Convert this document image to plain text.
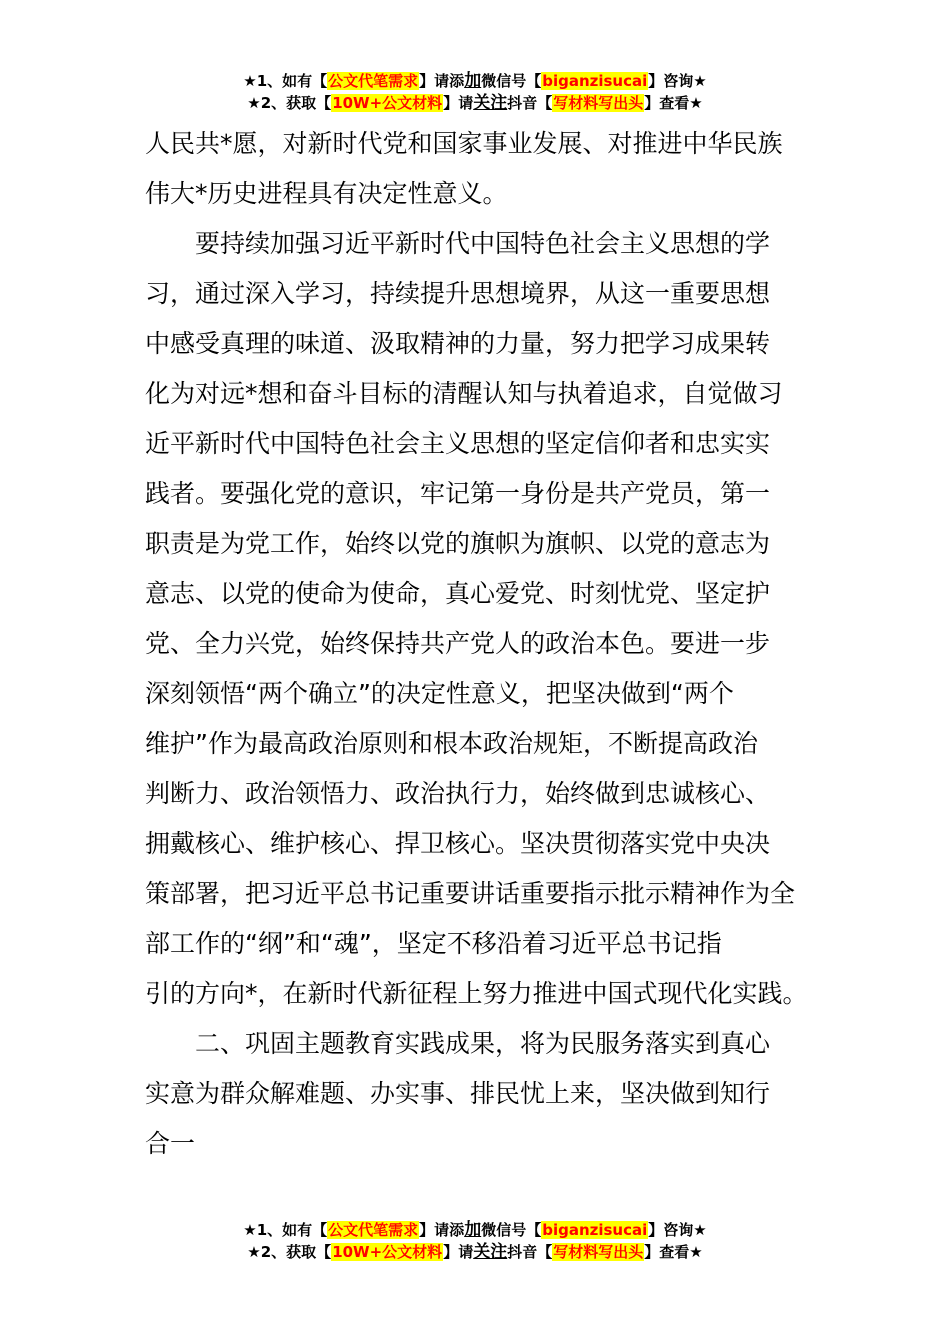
★1、如有【公文代笔需求】请添加微信号【biganzisucai】咨询★
★2、获取【10W+公文材料】请关注抖音【写材料写出头】查看★

人民共*愿，对新时代党和国家事业发展、对推进中华民族

伟大*历史进程具有决定性意义。

要持续加强习近平新时代中国特色社会主义思想的学

习，通过深入学习，持续提升思想境界，从这一重要思想

中感受真理的味道、汲取精神的力量，努力把学习成果转

化为对远*想和奋斗目标的清醒认知与执着追求，自觉做习

近平新时代中国特色社会主义思想的坚定信仰者和忠实实

践者。要强化党的意识，牢记第一身份是共产党员，第一

职责是为党工作，始终以党的旗帜为旗帜、以党的意志为

意志、以党的使命为使命，真心爱党、时刻忧党、坚定护

党、全力兴党，始终保持共产党人的政治本色。要进一步

深刻领悟“两个确立”的决定性意义，把坚决做到“两个

维护”作为最高政治原则和根本政治规矩，不断提高政治

判断力、政治领悟力、政治执行力，始终做到忠诚核心、

拥戴核心、维护核心、捍卫核心。坚决贯彻落实党中央决

策部署，把习近平总书记重要讲话重要指示批示精神作为全

部工作的“纲”和“魂”，坚定不移沿着习近平总书记指

引的方向*，在新时代新征程上努力推进中国式现代化实践。

二、巩固主题教育实践成果，将为民服务落实到真心

实意为群众解难题、办实事、排民忧上来，坚决做到知行

合一

★1、如有【公文代笔需求】请添加微信号【biganzisucai】咨询★
★2、获取【10W+公文材料】请关注抖音【写材料写出头】查看★
